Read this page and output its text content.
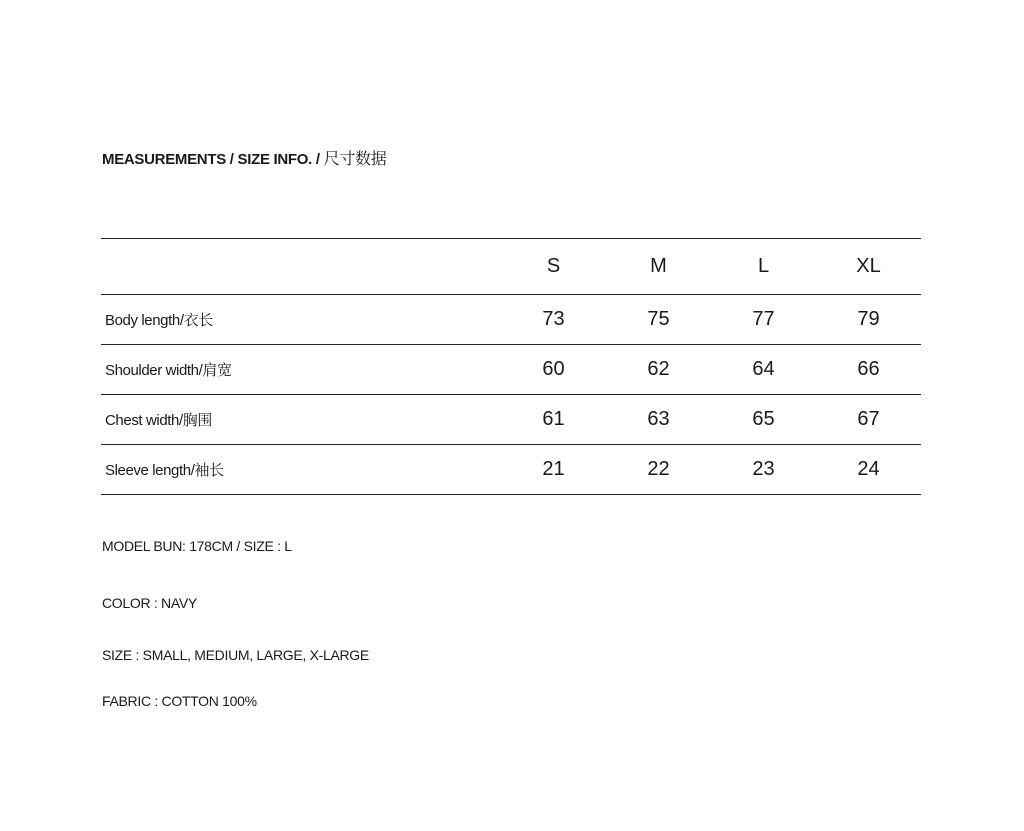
MEASUREMENTS / SIZE INFO. / 尺寸数据
	S	M	L	XL
Body length/衣长	73	75	77	79
Shoulder width/肩宽	60	62	64	66
Chest width/胸围	61	63	65	67
Sleeve length/袖长	21	22	23	24
MODEL BUN: 178CM / SIZE : L
COLOR : NAVY
SIZE : SMALL, MEDIUM, LARGE, X-LARGE
FABRIC : COTTON 100%
